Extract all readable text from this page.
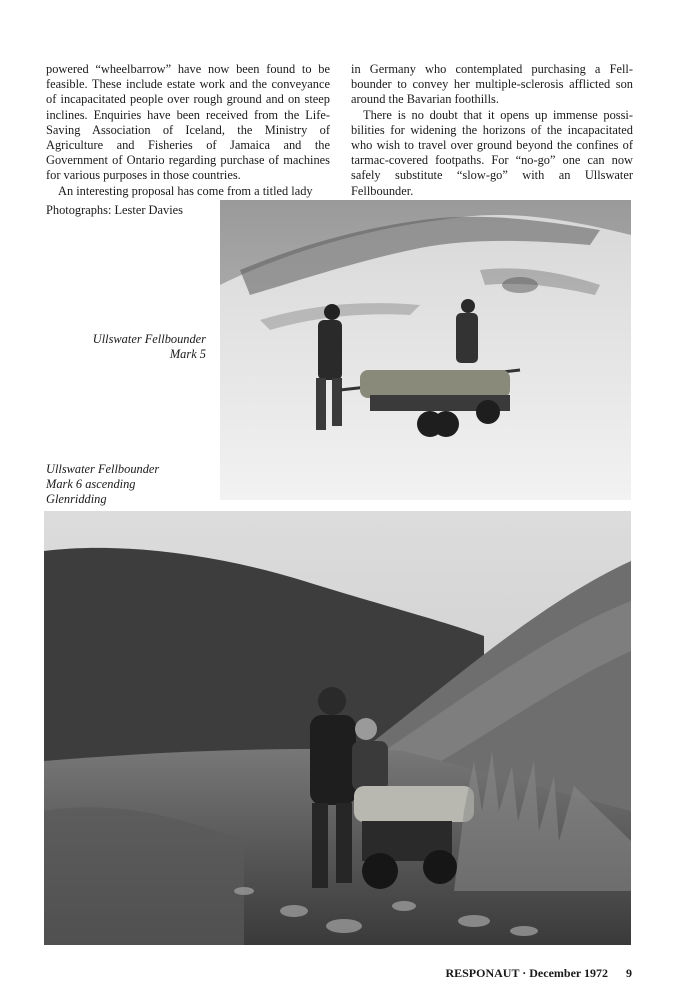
powered “wheelbarrow” have now been found to be feasible. These include estate work and the conveyance of incapacitated people over rough ground and on steep inclines. Enquiries have been received from the Life-Saving Association of Iceland, the Ministry of Agriculture and Fisheries of Jamaica and the Government of Ontario regarding purchase of machines for various purposes in those countries.

An interesting proposal has come from a titled lady

in Germany who contemplated purchasing a Fellbounder to convey her multiple-sclerosis afflicted son around the Bavarian foothills.

There is no doubt that it opens up immense possibilities for widening the horizons of the incapacitated who wish to travel over ground beyond the confines of tarmac-covered footpaths. For “no-go” one can now safely substitute “slow-go” with an Ullswater Fellbounder.

Photographs: Lester Davies
Ullswater Fellbounder
Mark 5
Ullswater Fellbounder
Mark 6 ascending
Glenridding
RESPONAUT · December 1972 9
